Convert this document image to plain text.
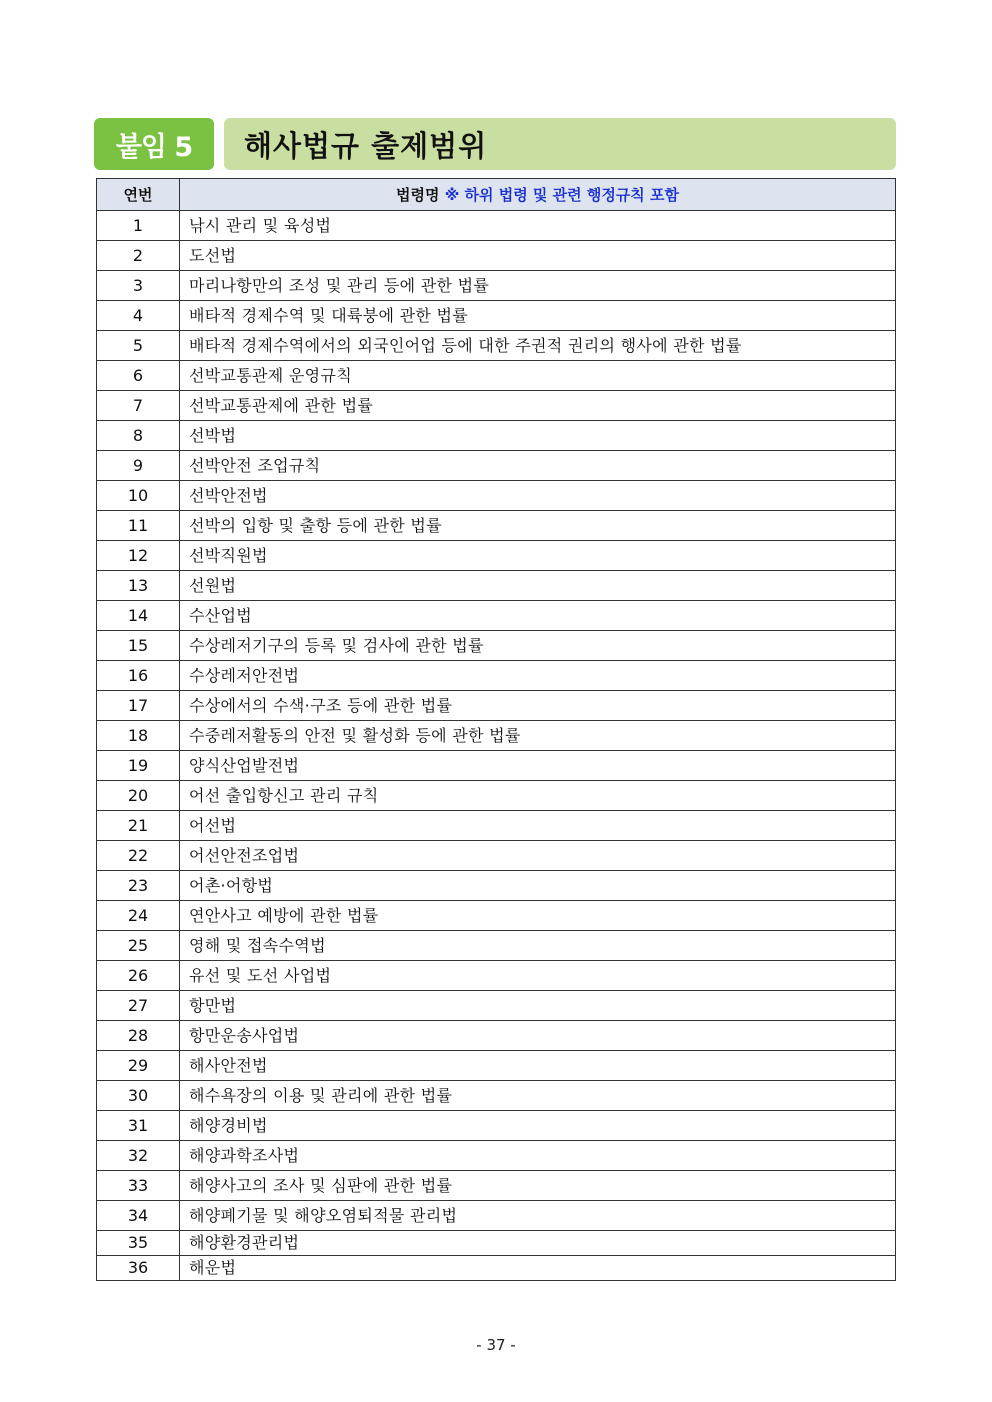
붙임 5	해사법규 출제범위
연번	법령명 ※ 하위 법령 및 관련 행정규칙 포함
1	낚시 관리 및 육성법
2	도선법
3	마리나항만의 조성 및 관리 등에 관한 법률
4	배타적 경제수역 및 대륙붕에 관한 법률
5	배타적 경제수역에서의 외국인어업 등에 대한 주권적 권리의 행사에 관한 법률
6	선박교통관제 운영규칙
7	선박교통관제에 관한 법률
8	선박법
9	선박안전 조업규칙
10	선박안전법
11	선박의 입항 및 출항 등에 관한 법률
12	선박직원법
13	선원법
14	수산업법
15	수상레저기구의 등록 및 검사에 관한 법률
16	수상레저안전법
17	수상에서의 수색·구조 등에 관한 법률
18	수중레저활동의 안전 및 활성화 등에 관한 법률
19	양식산업발전법
20	어선 출입항신고 관리 규칙
21	어선법
22	어선안전조업법
23	어촌·어항법
24	연안사고 예방에 관한 법률
25	영해 및 접속수역법
26	유선 및 도선 사업법
27	항만법
28	항만운송사업법
29	해사안전법
30	해수욕장의 이용 및 관리에 관한 법률
31	해양경비법
32	해양과학조사법
33	해양사고의 조사 및 심판에 관한 법률
34	해양폐기물 및 해양오염퇴적물 관리법
35	해양환경관리법
36	해운법
- 37 -
